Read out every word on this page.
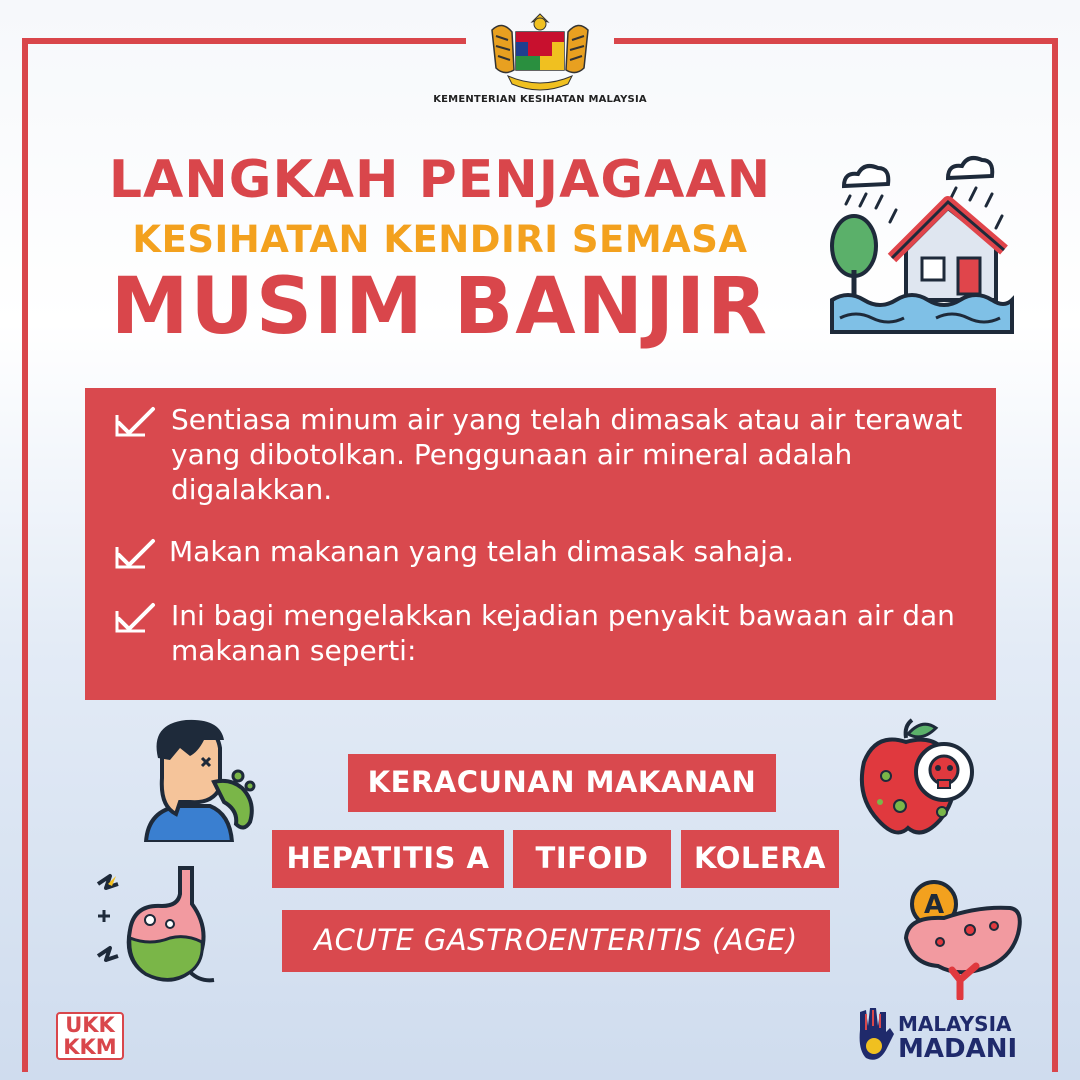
KEMENTERIAN KESIHATAN MALAYSIA
LANGKAH PENJAGAAN
KESIHATAN KENDIRI SEMASA
MUSIM BANJIR
Sentiasa minum air yang telah dimasak atau air terawat yang dibotolkan. Penggunaan air mineral adalah digalakkan.
Makan makanan yang telah dimasak sahaja.
Ini bagi mengelakkan kejadian penyakit bawaan air dan makanan seperti:
KERACUNAN MAKANAN
HEPATITIS A	TIFOID	KOLERA
ACUTE GASTROENTERITIS (AGE)
A
UKK
KKM
MALAYSIA
MADANI
